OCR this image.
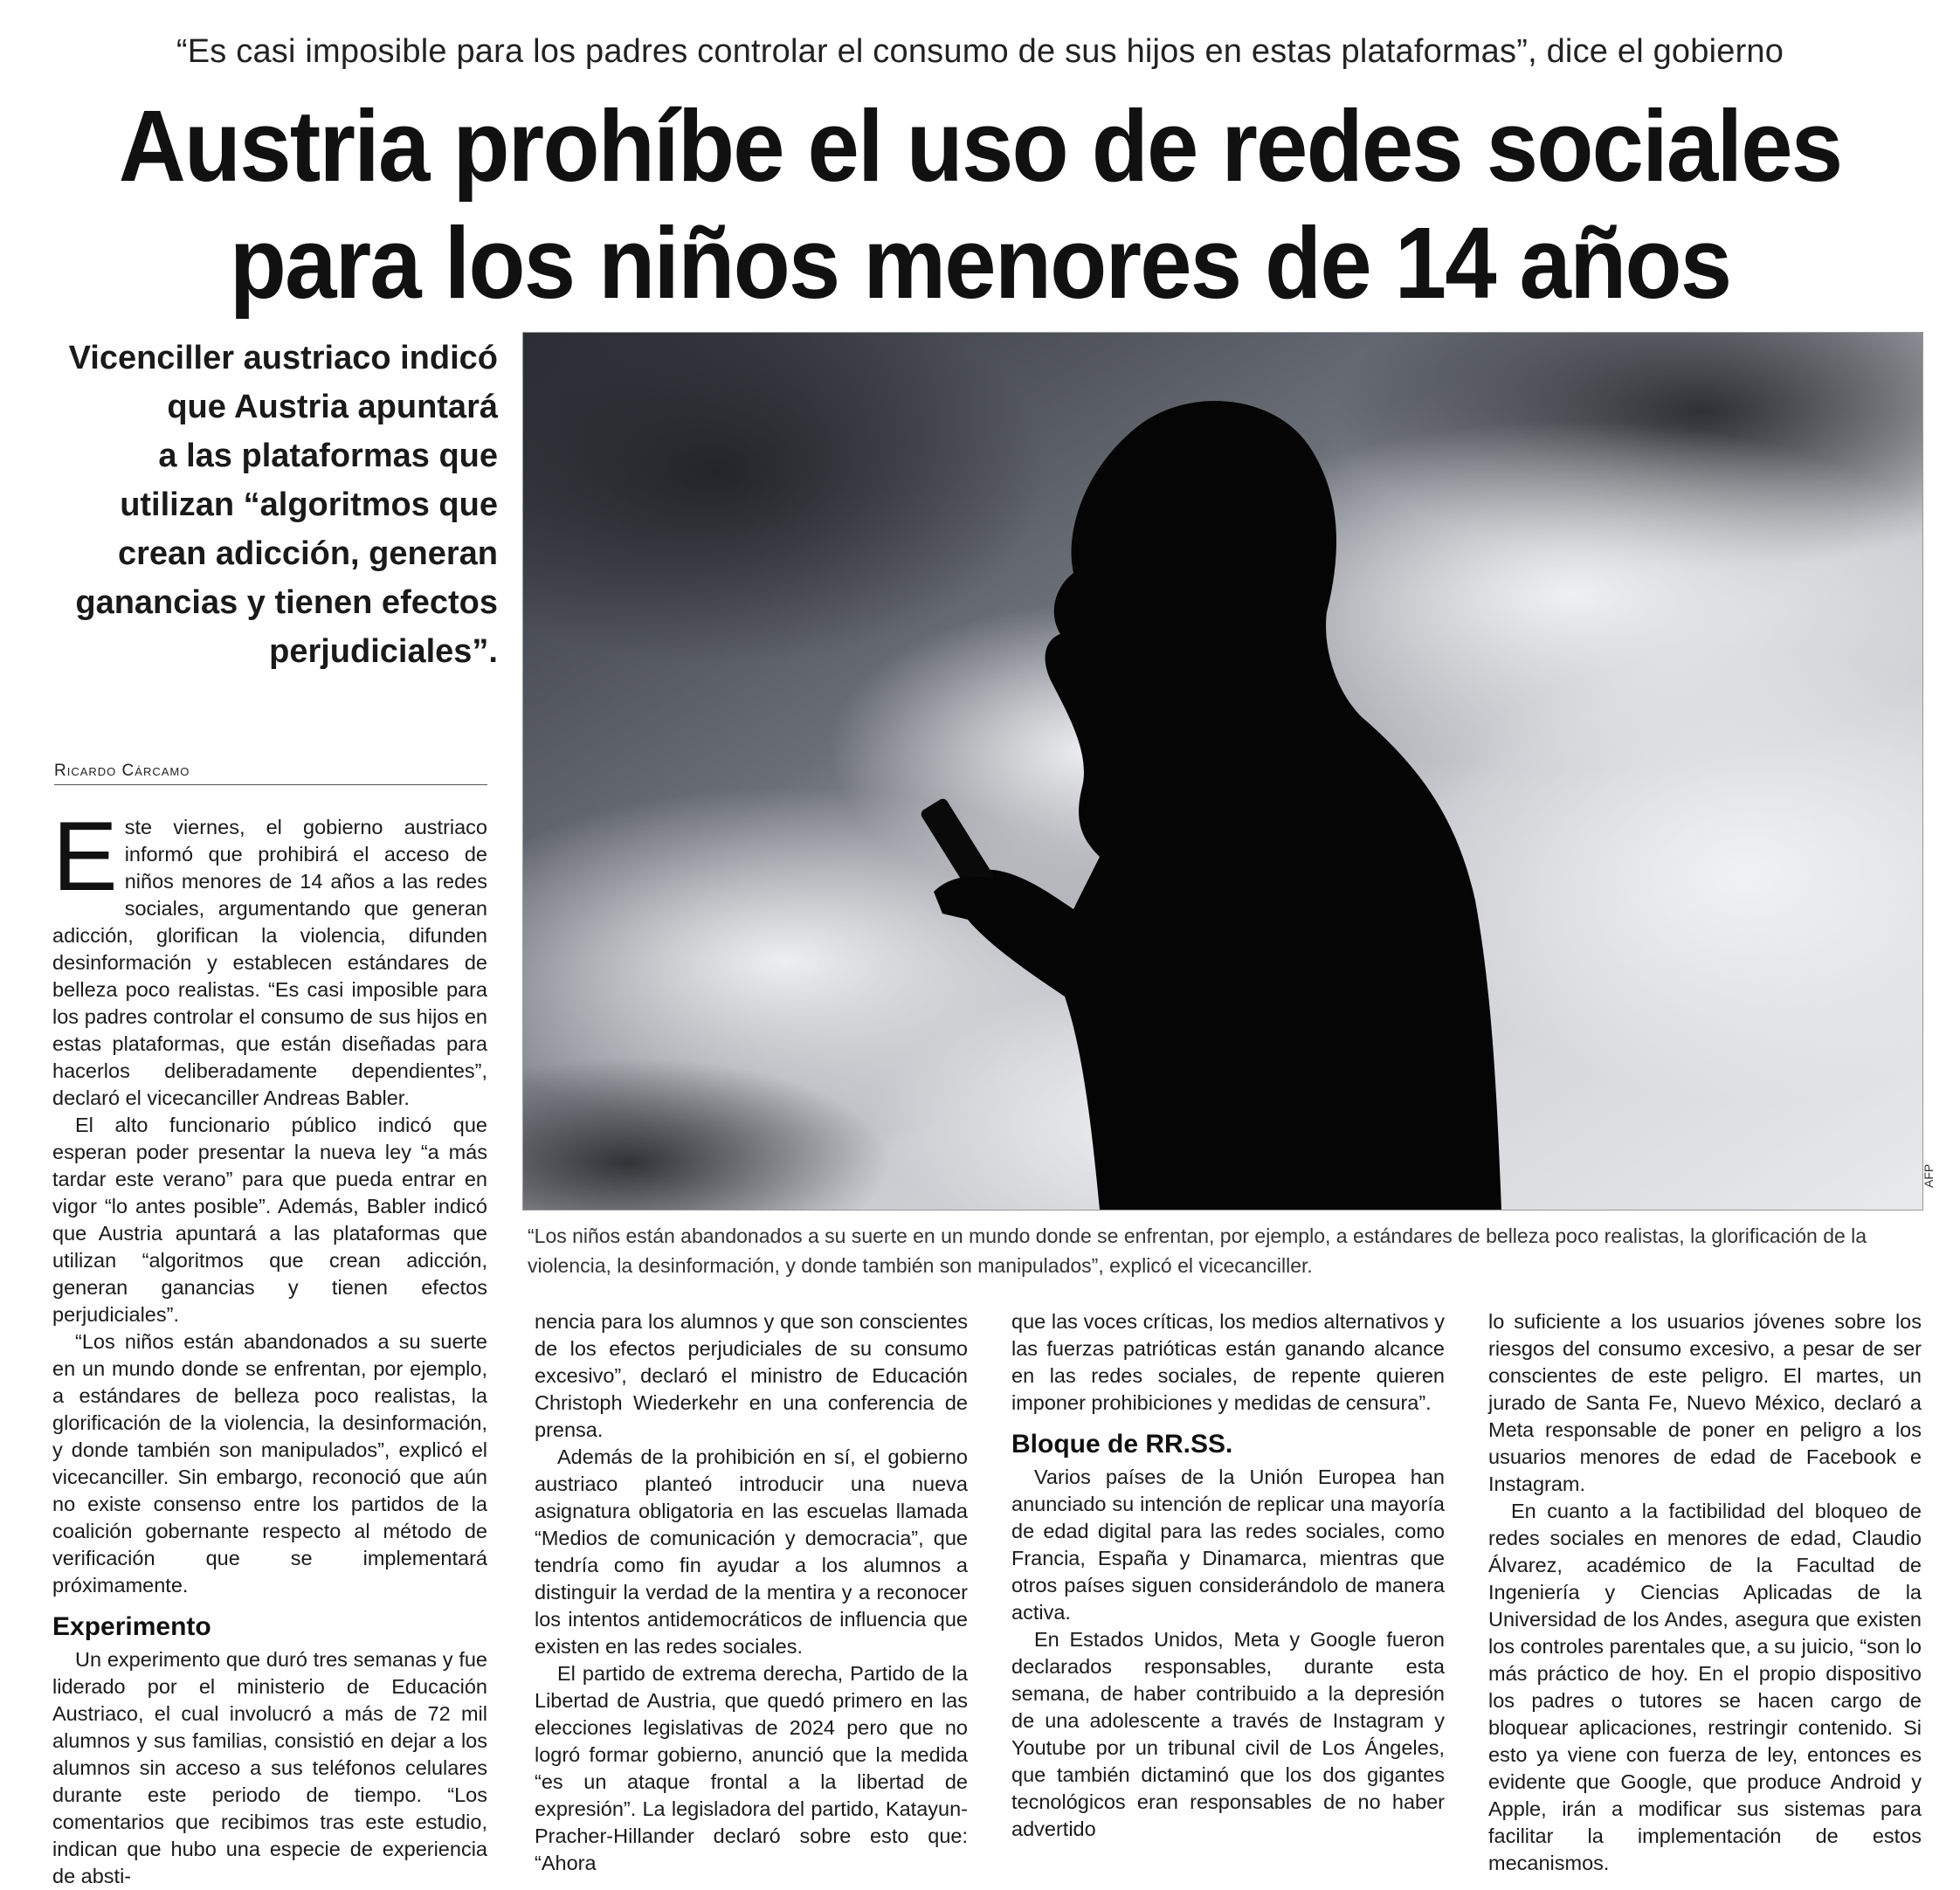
“Es casi imposible para los padres controlar el consumo de sus hijos en estas plataformas”, dice el gobierno
Austria prohíbe el uso de redes sociales
para los niños menores de 14 años
Vicenciller austriaco indicó
que Austria apuntará
a las plataformas que
utilizan “algoritmos que
crean adicción, generan
ganancias y tienen efectos
perjudiciales”.
AFP
“Los niños están abandonados a su suerte en un mundo donde se enfrentan, por ejemplo, a estándares de belleza poco realistas, la glorificación de la violencia, la desinformación, y donde también son manipulados”, explicó el vicecanciller.
Ricardo Cárcamo

Este viernes, el gobierno austriaco informó que prohibirá el acceso de niños menores de 14 años a las redes sociales, argumentando que generan adicción, glorifican la violencia, difunden desinformación y establecen estándares de belleza poco realistas. “Es casi imposible para los padres controlar el consumo de sus hijos en estas plataformas, que están diseñadas para hacerlos deliberadamente dependientes”, declaró el vicecanciller Andreas Babler.

El alto funcionario público indicó que esperan poder presentar la nueva ley “a más tardar este verano” para que pueda entrar en vigor “lo antes posible”. Además, Babler indicó que Austria apuntará a las plataformas que utilizan “algoritmos que crean adicción, generan ganancias y tienen efectos perjudiciales”.

“Los niños están abandonados a su suerte en un mundo donde se enfrentan, por ejemplo, a estándares de belleza poco realistas, la glorificación de la violencia, la desinformación, y donde también son manipulados”, explicó el vicecanciller. Sin embargo, reconoció que aún no existe consenso entre los partidos de la coalición gobernante respecto al método de verificación que se implementará próximamente.

Experimento

Un experimento que duró tres semanas y fue liderado por el ministerio de Educación Austriaco, el cual involucró a más de 72 mil alumnos y sus familias, consistió en dejar a los alumnos sin acceso a sus teléfonos celulares durante este periodo de tiempo. “Los comentarios que recibimos tras este estudio, indican que hubo una especie de experiencia de absti-

nencia para los alumnos y que son conscientes de los efectos perjudiciales de su consumo excesivo”, declaró el ministro de Educación Christoph Wiederkehr en una conferencia de prensa.

Además de la prohibición en sí, el gobierno austriaco planteó introducir una nueva asignatura obligatoria en las escuelas llamada “Medios de comunicación y democracia”, que tendría como fin ayudar a los alumnos a distinguir la verdad de la mentira y a reconocer los intentos antidemocráticos de influencia que existen en las redes sociales.

El partido de extrema derecha, Partido de la Libertad de Austria, que quedó primero en las elecciones legislativas de 2024 pero que no logró formar gobierno, anunció que la medida “es un ataque frontal a la libertad de expresión”. La legisladora del partido, Katayun-Pracher-Hillander declaró sobre esto que: “Ahora

que las voces críticas, los medios alternativos y las fuerzas patrióticas están ganando alcance en las redes sociales, de repente quieren imponer prohibiciones y medidas de censura”.

Bloque de RR.SS.

Varios países de la Unión Europea han anunciado su intención de replicar una mayoría de edad digital para las redes sociales, como Francia, España y Dinamarca, mientras que otros países siguen considerándolo de manera activa.

En Estados Unidos, Meta y Google fueron declarados responsables, durante esta semana, de haber contribuido a la depresión de una adolescente a través de Instagram y Youtube por un tribunal civil de Los Ángeles, que también dictaminó que los dos gigantes tecnológicos eran responsables de no haber advertido

lo suficiente a los usuarios jóvenes sobre los riesgos del consumo excesivo, a pesar de ser conscientes de este peligro. El martes, un jurado de Santa Fe, Nuevo México, declaró a Meta responsable de poner en peligro a los usuarios menores de edad de Facebook e Instagram.

En cuanto a la factibilidad del bloqueo de redes sociales en menores de edad, Claudio Álvarez, académico de la Facultad de Ingeniería y Ciencias Aplicadas de la Universidad de los Andes, asegura que existen los controles parentales que, a su juicio, “son lo más práctico de hoy. En el propio dispositivo los padres o tutores se hacen cargo de bloquear aplicaciones, restringir contenido. Si esto ya viene con fuerza de ley, entonces es evidente que Google, que produce Android y Apple, irán a modificar sus sistemas para facilitar la implementación de estos mecanismos.
